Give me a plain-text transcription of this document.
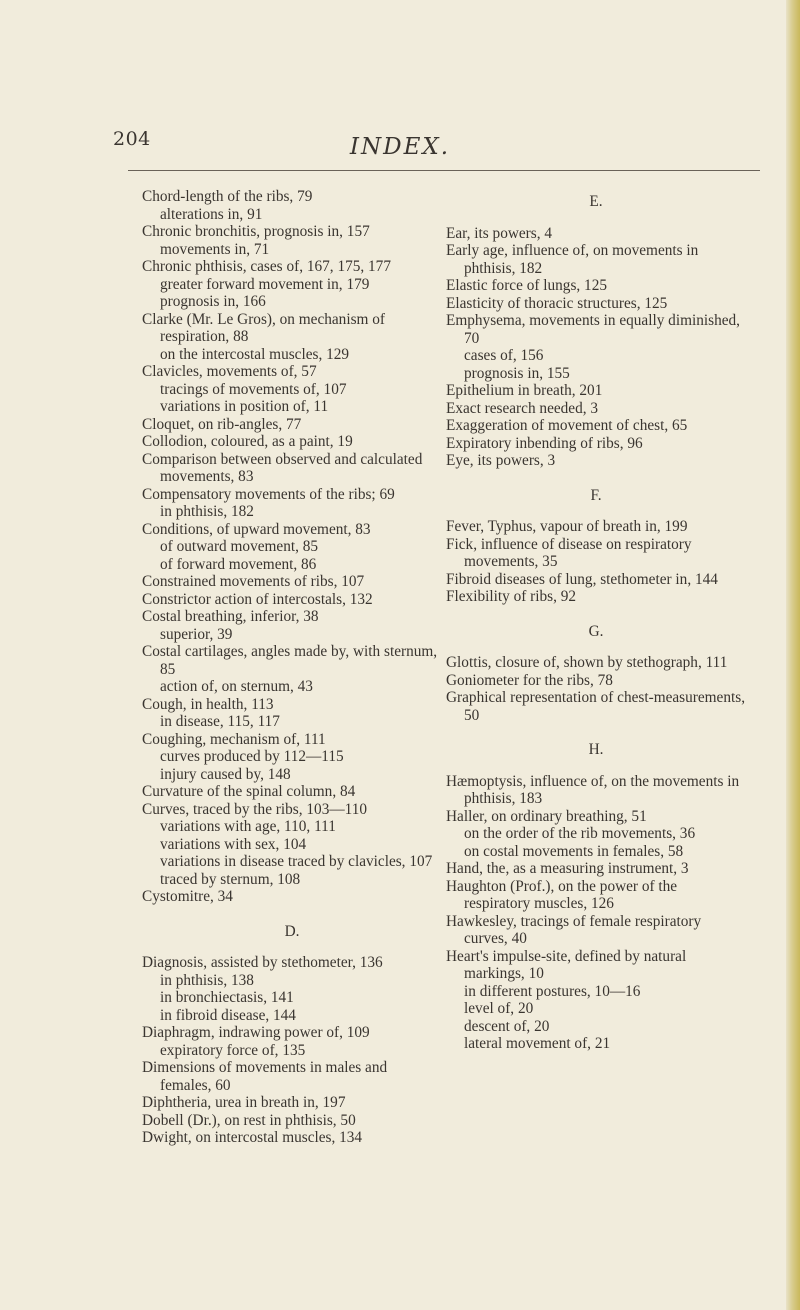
204	INDEX.
Chord-length of the ribs, 79
alterations in, 91
Chronic bronchitis, prognosis in, 157
movements in, 71
Chronic phthisis, cases of, 167, 175, 177
greater forward movement in, 179
prognosis in, 166
Clarke (Mr. Le Gros), on mechanism of respiration, 88
on the intercostal muscles, 129
Clavicles, movements of, 57
tracings of movements of, 107
variations in position of, 11
Cloquet, on rib-angles, 77
Collodion, coloured, as a paint, 19
Comparison between observed and calculated movements, 83
Compensatory movements of the ribs; 69
in phthisis, 182
Conditions, of upward movement, 83
of outward movement, 85
of forward movement, 86
Constrained movements of ribs, 107
Constrictor action of intercostals, 132
Costal breathing, inferior, 38
superior, 39
Costal cartilages, angles made by, with sternum, 85
action of, on sternum, 43
Cough, in health, 113
in disease, 115, 117
Coughing, mechanism of, 111
curves produced by 112—115
injury caused by, 148
Curvature of the spinal column, 84
Curves, traced by the ribs, 103—110
variations with age, 110, 111
variations with sex, 104
variations in disease traced by clavicles, 107
traced by sternum, 108
Cystomitre, 34
D.
Diagnosis, assisted by stethometer, 136
in phthisis, 138
in bronchiectasis, 141
in fibroid disease, 144
Diaphragm, indrawing power of, 109
expiratory force of, 135
Dimensions of movements in males and females, 60
Diphtheria, urea in breath in, 197
Dobell (Dr.), on rest in phthisis, 50
Dwight, on intercostal muscles, 134
E.
Ear, its powers, 4
Early age, influence of, on movements in phthisis, 182
Elastic force of lungs, 125
Elasticity of thoracic structures, 125
Emphysema, movements in equally diminished, 70
cases of, 156
prognosis in, 155
Epithelium in breath, 201
Exact research needed, 3
Exaggeration of movement of chest, 65
Expiratory inbending of ribs, 96
Eye, its powers, 3
F.
Fever, Typhus, vapour of breath in, 199
Fick, influence of disease on respiratory movements, 35
Fibroid diseases of lung, stethometer in, 144
Flexibility of ribs, 92
G.
Glottis, closure of, shown by stethograph, 111
Goniometer for the ribs, 78
Graphical representation of chest-measurements, 50
H.
Hæmoptysis, influence of, on the movements in phthisis, 183
Haller, on ordinary breathing, 51
on the order of the rib movements, 36
on costal movements in females, 58
Hand, the, as a measuring instrument, 3
Haughton (Prof.), on the power of the respiratory muscles, 126
Hawkesley, tracings of female respiratory curves, 40
Heart's impulse-site, defined by natural markings, 10
in different postures, 10—16
level of, 20
descent of, 20
lateral movement of, 21
